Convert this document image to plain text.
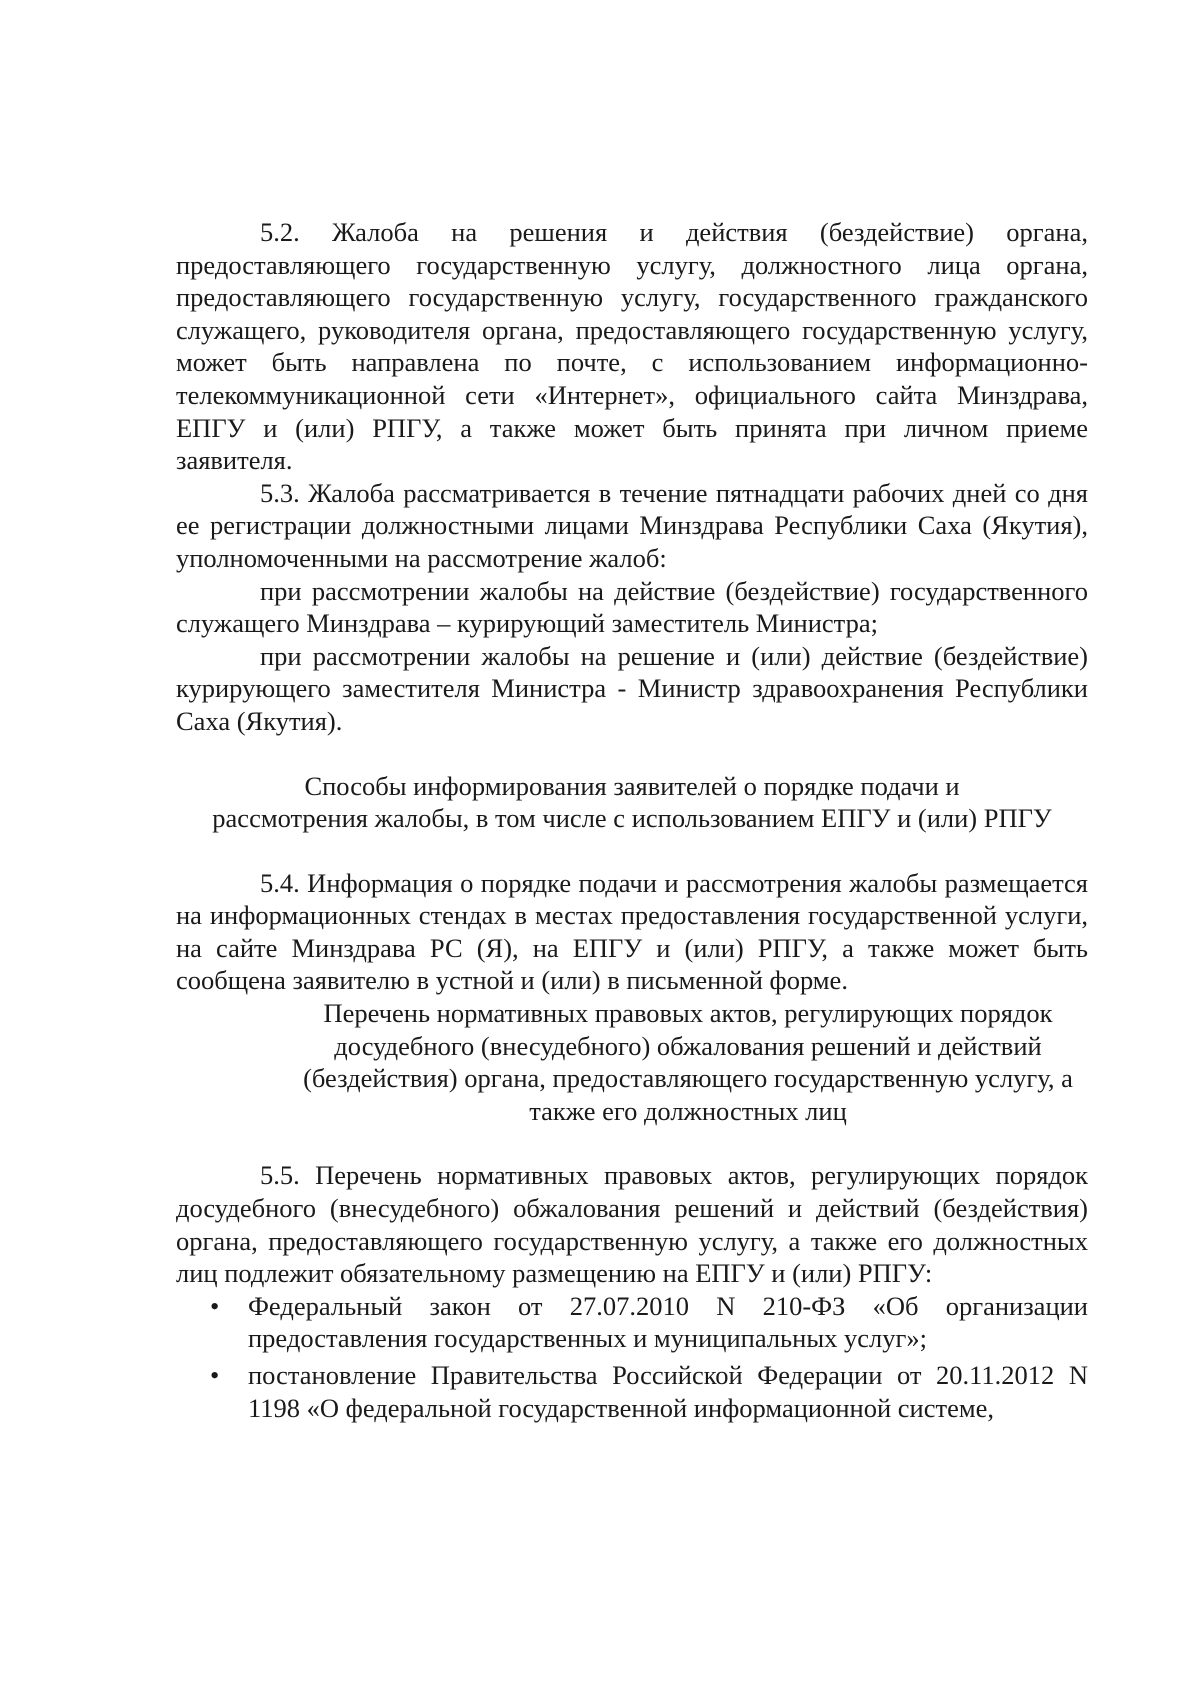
5.2. Жалоба на решения и действия (бездействие) органа, предоставляющего государственную услугу, должностного лица органа, предоставляющего государственную услугу, государственного гражданского служащего, руководителя органа, предоставляющего государственную услугу, может быть направлена по почте, с использованием информационно-телекоммуникационной сети «Интернет», официального сайта Минздрава, ЕПГУ и (или) РПГУ, а также может быть принята при личном приеме заявителя.

5.3. Жалоба рассматривается в течение пятнадцати рабочих дней со дня ее регистрации должностными лицами Минздрава Республики Саха (Якутия), уполномоченными на рассмотрение жалоб:

при рассмотрении жалобы на действие (бездействие) государственного служащего Минздрава – курирующий заместитель Министра;

при рассмотрении жалобы на решение и (или) действие (бездействие) курирующего заместителя Министра - Министр здравоохранения Республики Саха (Якутия).

Способы информирования заявителей о порядке подачи и
рассмотрения жалобы, в том числе с использованием ЕПГУ и (или) РПГУ

5.4. Информация о порядке подачи и рассмотрения жалобы размещается на информационных стендах в местах предоставления государственной услуги, на сайте Минздрава РС (Я), на ЕПГУ и (или) РПГУ, а также может быть сообщена заявителю в устной и (или) в письменной форме.

Перечень нормативных правовых актов, регулирующих порядок
досудебного (внесудебного) обжалования решений и действий
(бездействия) органа, предоставляющего государственную услугу, а
также его должностных лиц

5.5. Перечень нормативных правовых актов, регулирующих порядок досудебного (внесудебного) обжалования решений и действий (бездействия) органа, предоставляющего государственную услугу, а также его должностных лиц подлежит обязательному размещению на ЕПГУ и (или) РПГУ:

• Федеральный закон от 27.07.2010 N 210-ФЗ «Об организации предоставления государственных и муниципальных услуг»;
• постановление Правительства Российской Федерации от 20.11.2012 N 1198 «О федеральной государственной информационной системе,
